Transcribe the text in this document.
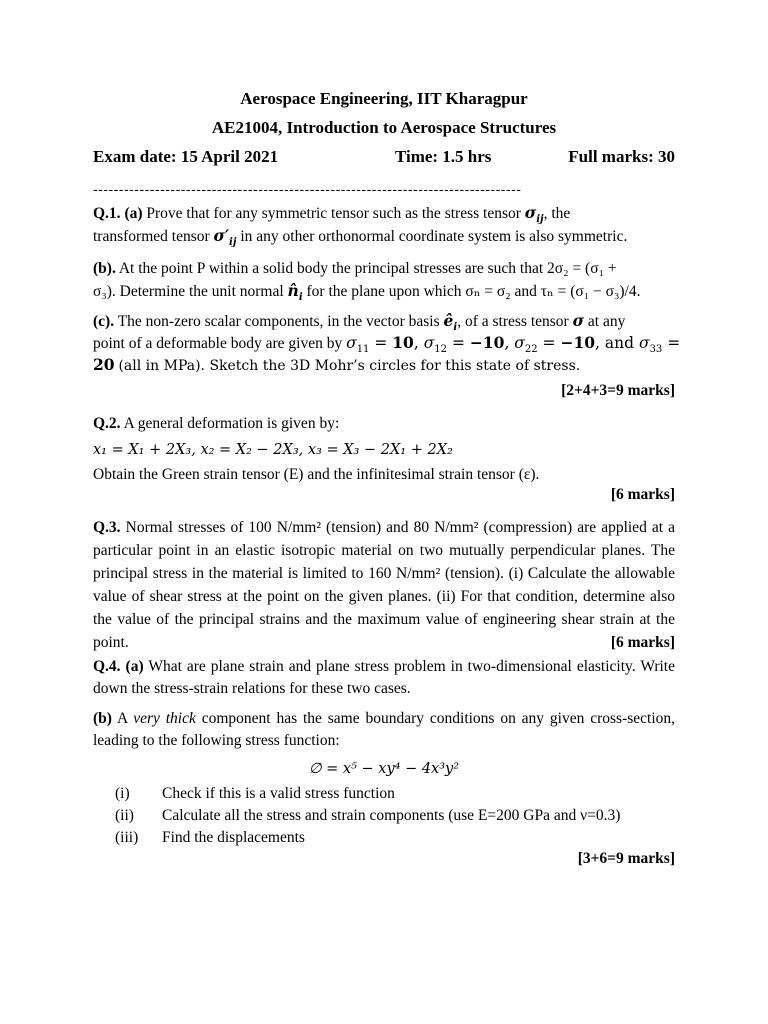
Aerospace Engineering, IIT Kharagpur
AE21004, Introduction to Aerospace Structures
Exam date: 15 April 2021	Time: 1.5 hrs	Full marks: 30
-----------------------------------------------------------------------------------
Q.1. (a) Prove that for any symmetric tensor such as the stress tensor $\sigma_{ij}$, the
transformed tensor $\sigma'_{ij}$ in any other orthonormal coordinate system is also symmetric.
(b). At the point P within a solid body the principal stresses are such that 2σ₂ = (σ₁ +
σ₃). Determine the unit normal $n̂_i$ for the plane upon which σₙ = σ₂ and τₙ = (σ₁ − σ₃)/4.
(c). The non-zero scalar components, in the vector basis $ê_i$, of a stress tensor σ at any
point of a deformable body are given by $\sigma_{11} = 10$, $\sigma_{12} = -10$, $\sigma_{22} = -10$, and $\sigma_{33}$ =
20 (all in MPa). Sketch the 3D Mohr’s circles for this state of stress.
[2+4+3=9 marks]
Q.2. A general deformation is given by:
x₁ = X₁ + 2X₃, x₂ = X₂ − 2X₃, x₃ = X₃ − 2X₁ + 2X₂
Obtain the Green strain tensor (E) and the infinitesimal strain tensor (ε).
[6 marks]
Q.3. Normal stresses of 100 N/mm² (tension) and 80 N/mm² (compression) are applied at a particular point in an elastic isotropic material on two mutually perpendicular planes. The principal stress in the material is limited to 160 N/mm² (tension). (i) Calculate the allowable value of shear stress at the point on the given planes. (ii) For that condition, determine also the value of the principal strains and the maximum value of engineering shear strain at the point.	[6 marks]
Q.4. (a) What are plane strain and plane stress problem in two-dimensional elasticity. Write down the stress-strain relations for these two cases.
(b) A very thick component has the same boundary conditions on any given cross-section, leading to the following stress function:
∅ = x⁵ − xy⁴ − 4x³y²
(i) Check if this is a valid stress function
(ii) Calculate all the stress and strain components (use E=200 GPa and ν=0.3)
(iii) Find the displacements
[3+6=9 marks]
